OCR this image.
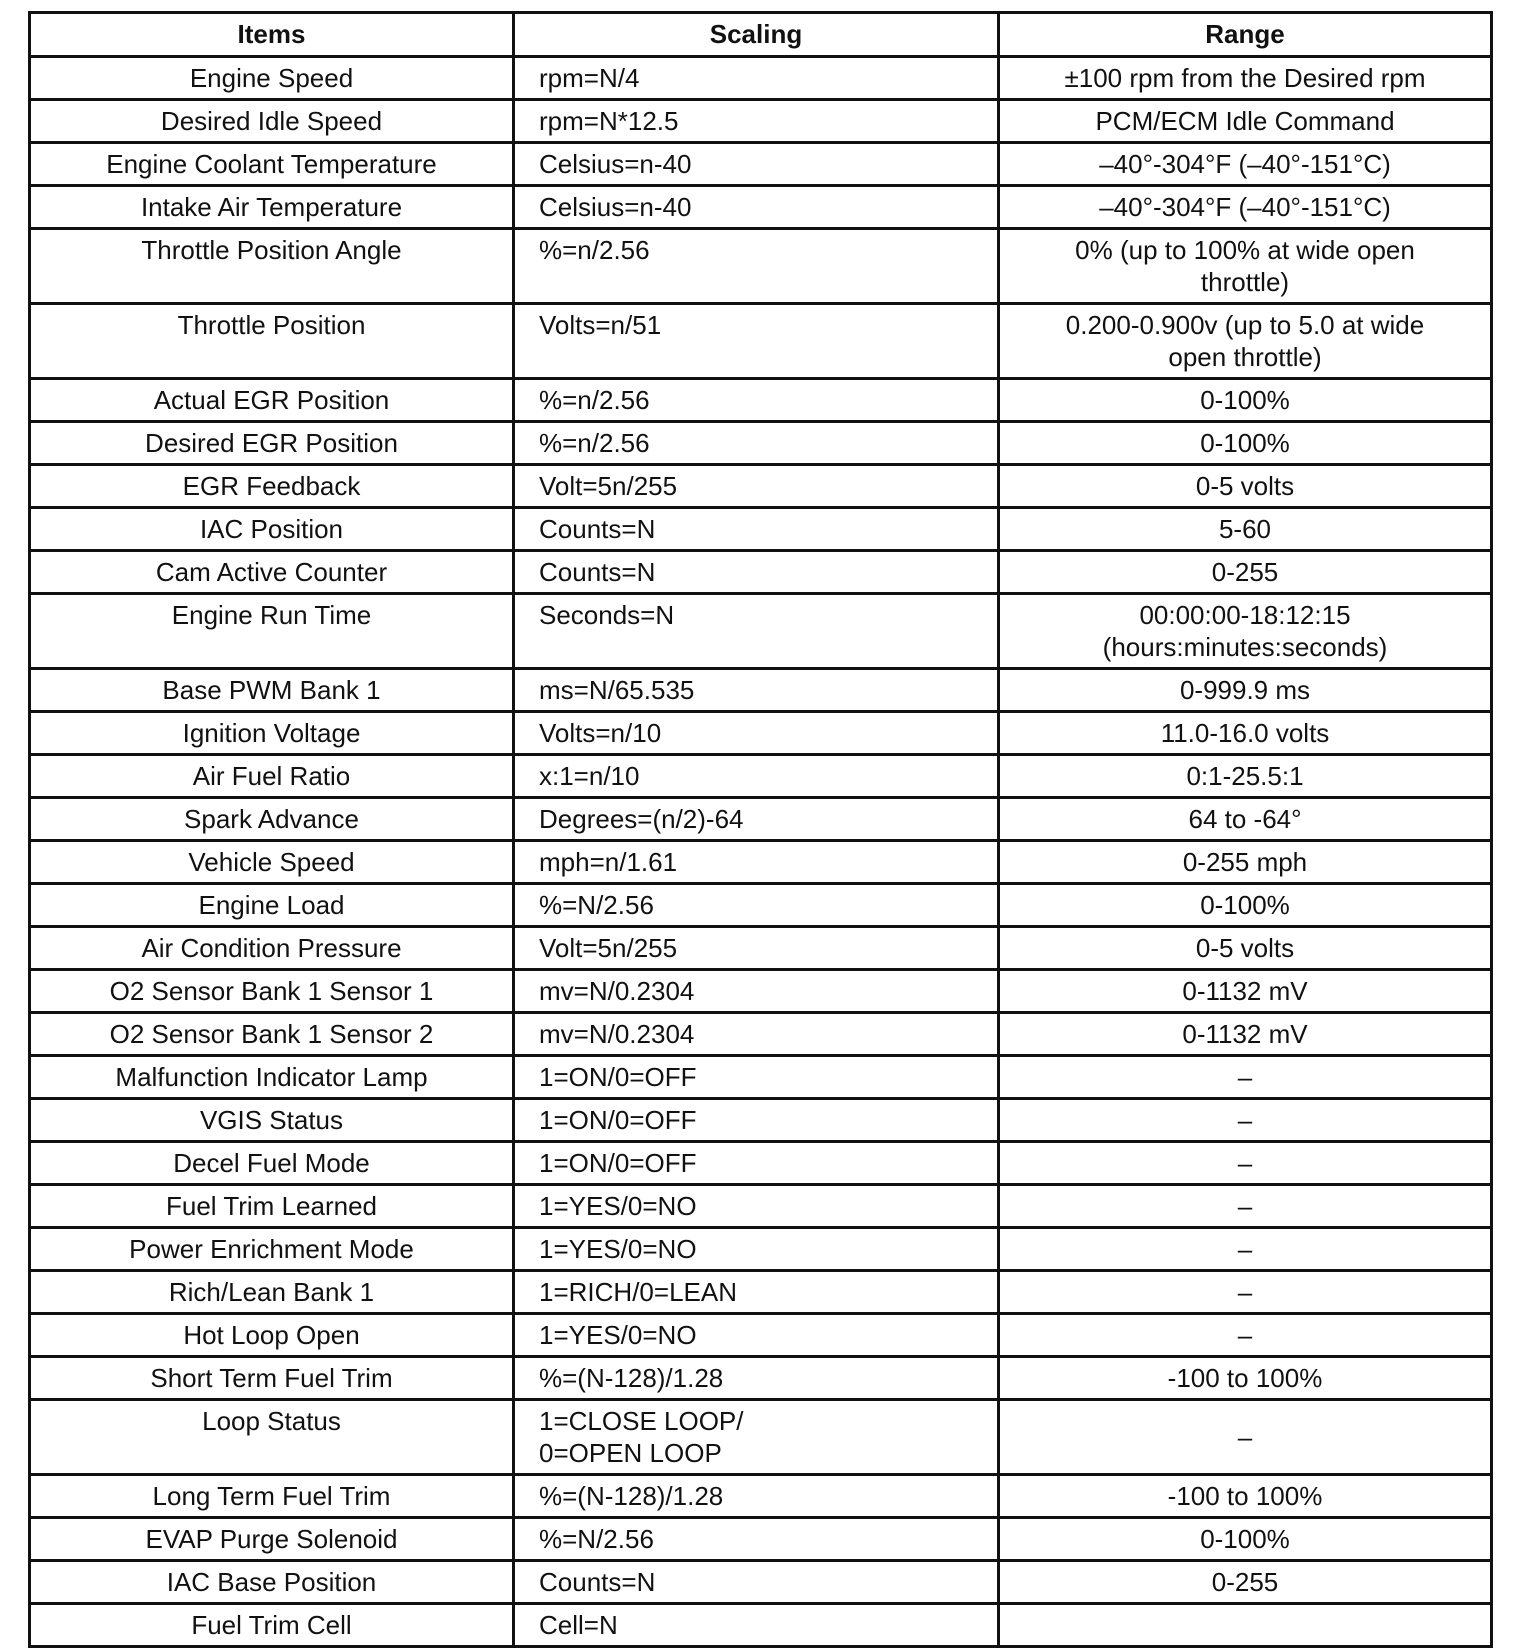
Items	Scaling	Range
Engine Speed	rpm=N/4	±100 rpm from the Desired rpm
Desired Idle Speed	rpm=N*12.5	PCM/ECM Idle Command
Engine Coolant Temperature	Celsius=n-40	–40°-304°F (–40°-151°C)
Intake Air Temperature	Celsius=n-40	–40°-304°F (–40°-151°C)
Throttle Position Angle	%=n/2.56	0% (up to 100% at wide open
throttle)
Throttle Position	Volts=n/51	0.200-0.900v (up to 5.0 at wide
open throttle)
Actual EGR Position	%=n/2.56	0-100%
Desired EGR Position	%=n/2.56	0-100%
EGR Feedback	Volt=5n/255	0-5 volts
IAC Position	Counts=N	5-60
Cam Active Counter	Counts=N	0-255
Engine Run Time	Seconds=N	00:00:00-18:12:15
(hours:minutes:seconds)
Base PWM Bank 1	ms=N/65.535	0-999.9 ms
Ignition Voltage	Volts=n/10	11.0-16.0 volts
Air Fuel Ratio	x:1=n/10	0:1-25.5:1
Spark Advance	Degrees=(n/2)-64	64 to -64°
Vehicle Speed	mph=n/1.61	0-255 mph
Engine Load	%=N/2.56	0-100%
Air Condition Pressure	Volt=5n/255	0-5 volts
O2 Sensor Bank 1 Sensor 1	mv=N/0.2304	0-1132 mV
O2 Sensor Bank 1 Sensor 2	mv=N/0.2304	0-1132 mV
Malfunction Indicator Lamp	1=ON/0=OFF	–
VGIS Status	1=ON/0=OFF	–
Decel Fuel Mode	1=ON/0=OFF	–
Fuel Trim Learned	1=YES/0=NO	–
Power Enrichment Mode	1=YES/0=NO	–
Rich/Lean Bank 1	1=RICH/0=LEAN	–
Hot Loop Open	1=YES/0=NO	–
Short Term Fuel Trim	%=(N-128)/1.28	-100 to 100%
Loop Status	1=CLOSE LOOP/
0=OPEN LOOP	–
Long Term Fuel Trim	%=(N-128)/1.28	-100 to 100%
EVAP Purge Solenoid	%=N/2.56	0-100%
IAC Base Position	Counts=N	0-255
Fuel Trim Cell	Cell=N	
